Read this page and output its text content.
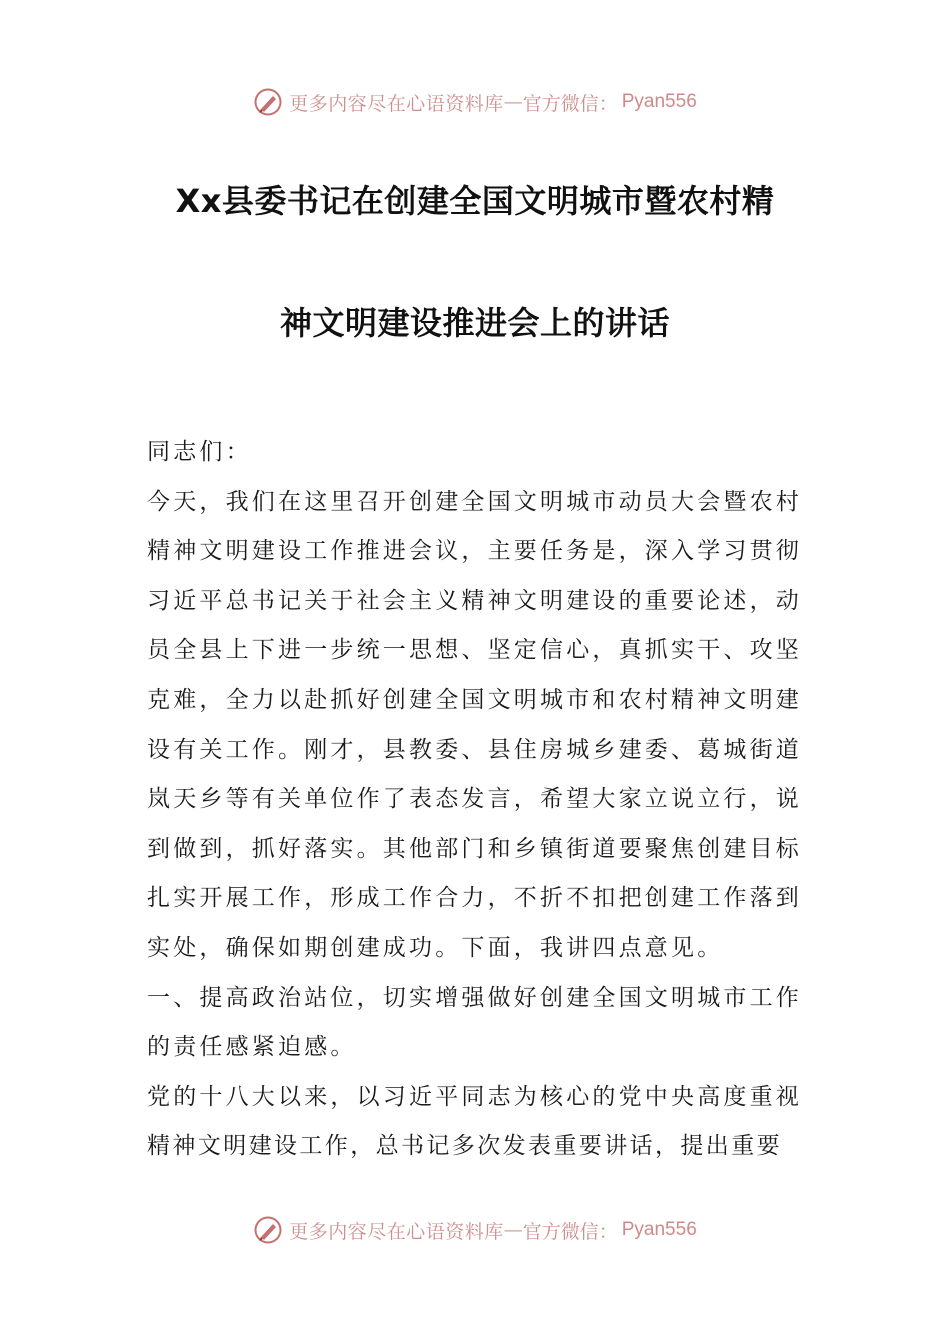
更多内容尽在心语资料库 — 官方微信： Pyan556
Xx县委书记在创建全国文明城市暨农村精
神文明建设推进会上的讲话
同志们：
今天，我们在这里召开创建全国文明城市动员大会暨农村
精神文明建设工作推进会议，主要任务是，深入学习贯彻
习近平总书记关于社会主义精神文明建设的重要论述，动
员全县上下进一步统一思想、坚定信心，真抓实干、攻坚
克难，全力以赴抓好创建全国文明城市和农村精神文明建
设有关工作。刚才，县教委、县住房城乡建委、葛城街道
岚天乡等有关单位作了表态发言，希望大家立说立行，说
到做到，抓好落实。其他部门和乡镇街道要聚焦创建目标
扎实开展工作，形成工作合力，不折不扣把创建工作落到
实处，确保如期创建成功。下面，我讲四点意见。
一、提高政治站位，切实增强做好创建全国文明城市工作
的责任感紧迫感。
党的十八大以来，以习近平同志为核心的党中央高度重视
精神文明建设工作，总书记多次发表重要讲话，提出重要
更多内容尽在心语资料库 — 官方微信： Pyan556
